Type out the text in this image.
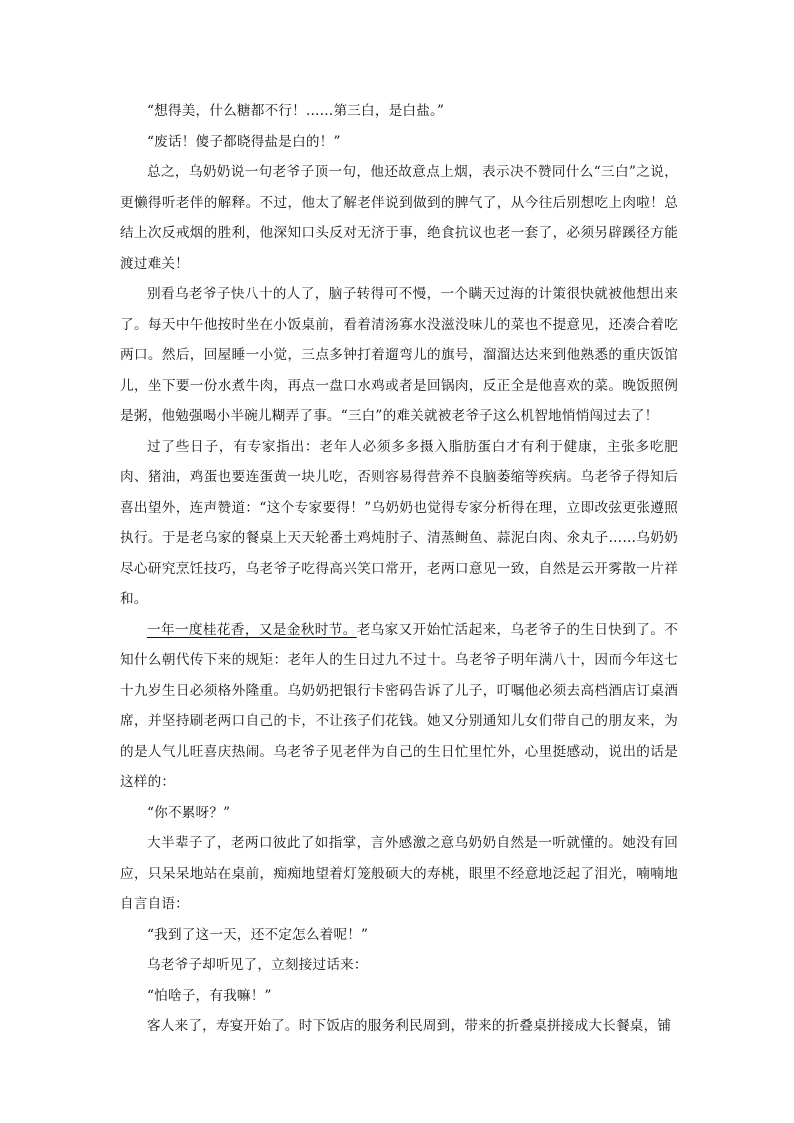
“想得美，什么糖都不行！……第三白，是白盐。”

“废话！傻子都晓得盐是白的！”

总之，乌奶奶说一句老爷子顶一句，他还故意点上烟，表示决不赞同什么“三白”之说，更懒得听老伴的解释。不过，他太了解老伴说到做到的脾气了，从今往后别想吃上肉啦！总结上次反戒烟的胜利，他深知口头反对无济于事，绝食抗议也老一套了，必须另辟蹊径方能渡过难关！

别看乌老爷子快八十的人了，脑子转得可不慢，一个瞒天过海的计策很快就被他想出来了。每天中午他按时坐在小饭桌前，看着清汤寡水没滋没味儿的菜也不提意见，还凑合着吃两口。然后，回屋睡一小觉，三点多钟打着遛弯儿的旗号，溜溜达达来到他熟悉的重庆饭馆儿，坐下要一份水煮牛肉，再点一盘口水鸡或者是回锅肉，反正全是他喜欢的菜。晚饭照例是粥，他勉强喝小半碗儿糊弄了事。“三白”的难关就被老爷子这么机智地悄悄闯过去了！

过了些日子，有专家指出：老年人必须多多摄入脂肪蛋白才有利于健康，主张多吃肥肉、猪油，鸡蛋也要连蛋黄一块儿吃，否则容易得营养不良脑萎缩等疾病。乌老爷子得知后喜出望外，连声赞道：“这个专家要得！”乌奶奶也觉得专家分析得在理，立即改弦更张遵照执行。于是老乌家的餐桌上天天轮番土鸡炖肘子、清蒸鲥鱼、蒜泥白肉、氽丸子……乌奶奶尽心研究烹饪技巧，乌老爷子吃得高兴笑口常开，老两口意见一致，自然是云开雾散一片祥和。

一年一度桂花香，又是金秋时节。老乌家又开始忙活起来，乌老爷子的生日快到了。不知什么朝代传下来的规矩：老年人的生日过九不过十。乌老爷子明年满八十，因而今年这七十九岁生日必须格外隆重。乌奶奶把银行卡密码告诉了儿子，叮嘱他必须去高档酒店订桌酒席，并坚持刷老两口自己的卡，不让孩子们花钱。她又分别通知儿女们带自己的朋友来，为的是人气儿旺喜庆热闹。乌老爷子见老伴为自己的生日忙里忙外，心里挺感动，说出的话是这样的：

“你不累呀？”

大半辈子了，老两口彼此了如指掌，言外感激之意乌奶奶自然是一听就懂的。她没有回应，只呆呆地站在桌前，痴痴地望着灯笼般硕大的寿桃，眼里不经意地泛起了泪光，喃喃地自言自语：

“我到了这一天，还不定怎么着呢！”

乌老爷子却听见了，立刻接过话来：

“怕啥子，有我嘛！”

客人来了，寿宴开始了。时下饭店的服务利民周到，带来的折叠桌拼接成大长餐桌，铺
